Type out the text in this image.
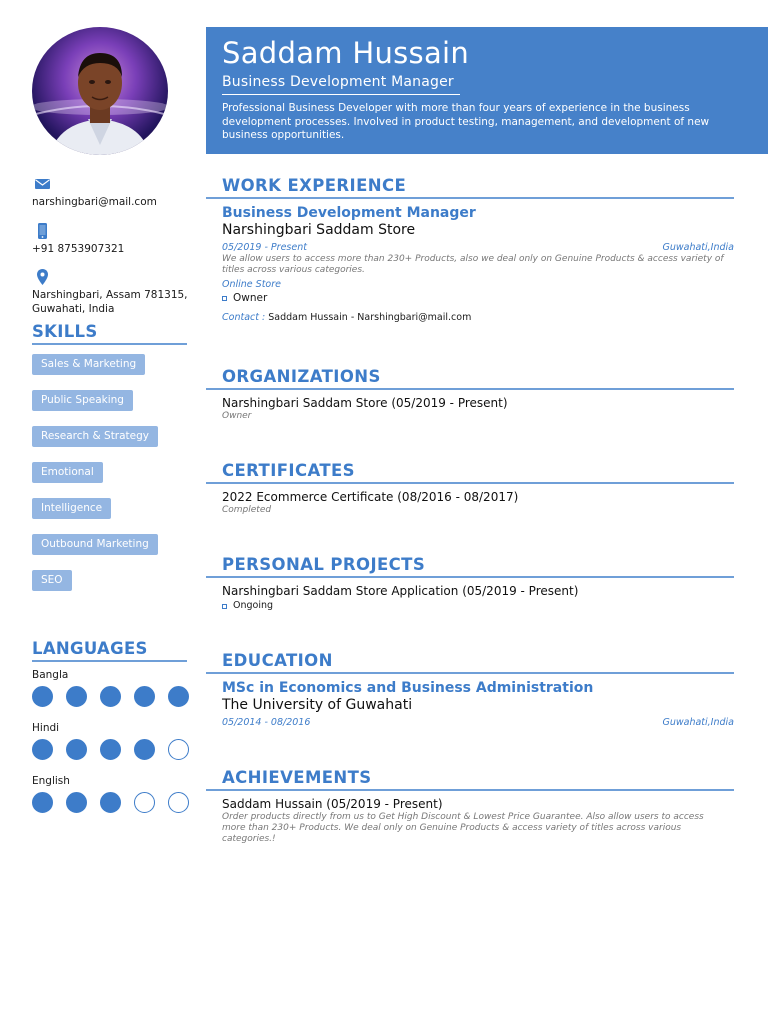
narshingbari@mail.com
+91 8753907321
Narshingbari, Assam 781315, Guwahati, India
SKILLS
Sales & Marketing
Public Speaking
Research & Strategy
Emotional
Intelligence
Outbound Marketing
SEO
LANGUAGES
Bangla
Hindi
English
Saddam Hussain
Business Development Manager
Professional Business Developer with more than four years of experience in the business development processes. Involved in product testing, management, and development of new business opportunities.
WORK EXPERIENCE
Business Development Manager
Narshingbari Saddam Store
05/2019 - Present	Guwahati,India
We allow users to access more than 230+ Products, also we deal only on Genuine Products & access variety of titles across various categories.
Online Store
Owner
Contact : Saddam Hussain - Narshingbari@mail.com
ORGANIZATIONS
Narshingbari Saddam Store (05/2019 - Present)
Owner
CERTIFICATES
2022 Ecommerce Certificate (08/2016 - 08/2017)
Completed
PERSONAL PROJECTS
Narshingbari Saddam Store Application (05/2019 - Present)
Ongoing
EDUCATION
MSc in Economics and Business Administration
The University of Guwahati
05/2014 - 08/2016	Guwahati,India
ACHIEVEMENTS
Saddam Hussain (05/2019 - Present)
Order products directly from us to Get High Discount & Lowest Price Guarantee. Also allow users to access more than 230+ Products. We deal only on Genuine Products & access variety of titles across various categories.!
